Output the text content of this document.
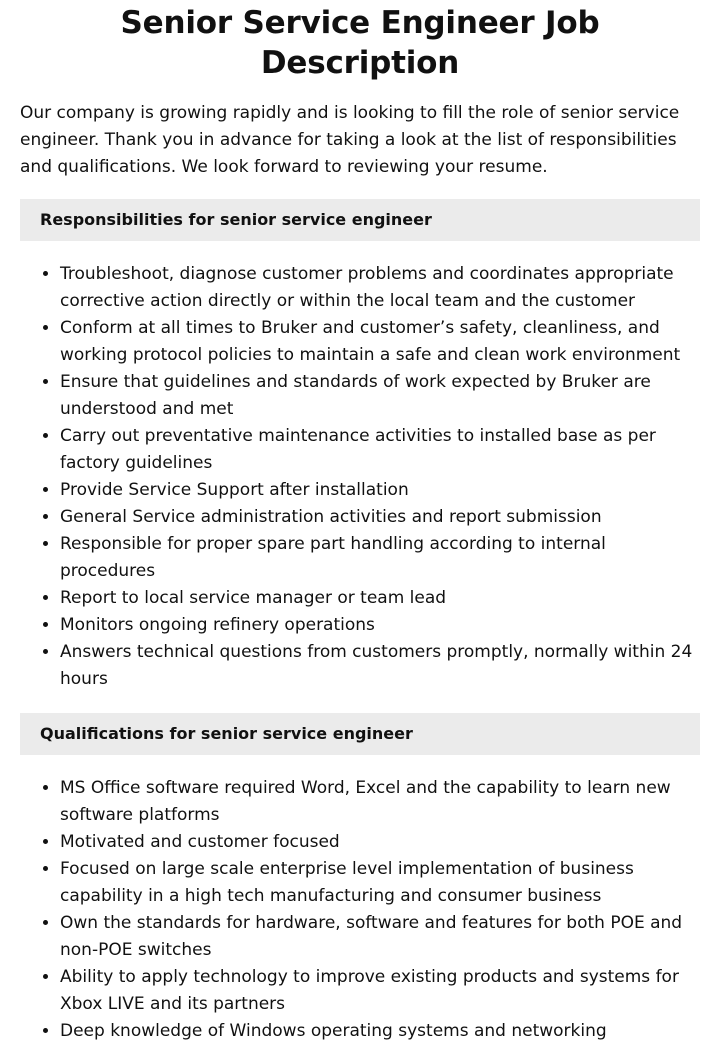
Senior Service Engineer Job Description

Our company is growing rapidly and is looking to fill the role of senior service engineer. Thank you in advance for taking a look at the list of responsibilities and qualifications. We look forward to reviewing your resume.

Responsibilities for senior service engineer
• Troubleshoot, diagnose customer problems and coordinates appropriate corrective action directly or within the local team and the customer
• Conform at all times to Bruker and customer’s safety, cleanliness, and working protocol policies to maintain a safe and clean work environment
• Ensure that guidelines and standards of work expected by Bruker are understood and met
• Carry out preventative maintenance activities to installed base as per factory guidelines
• Provide Service Support after installation
• General Service administration activities and report submission
• Responsible for proper spare part handling according to internal procedures
• Report to local service manager or team lead
• Monitors ongoing refinery operations
• Answers technical questions from customers promptly, normally within 24 hours
Qualifications for senior service engineer
• MS Office software required Word, Excel and the capability to learn new software platforms
• Motivated and customer focused
• Focused on large scale enterprise level implementation of business capability in a high tech manufacturing and consumer business
• Own the standards for hardware, software and features for both POE and non-POE switches
• Ability to apply technology to improve existing products and systems for Xbox LIVE and its partners
• Deep knowledge of Windows operating systems and networking
